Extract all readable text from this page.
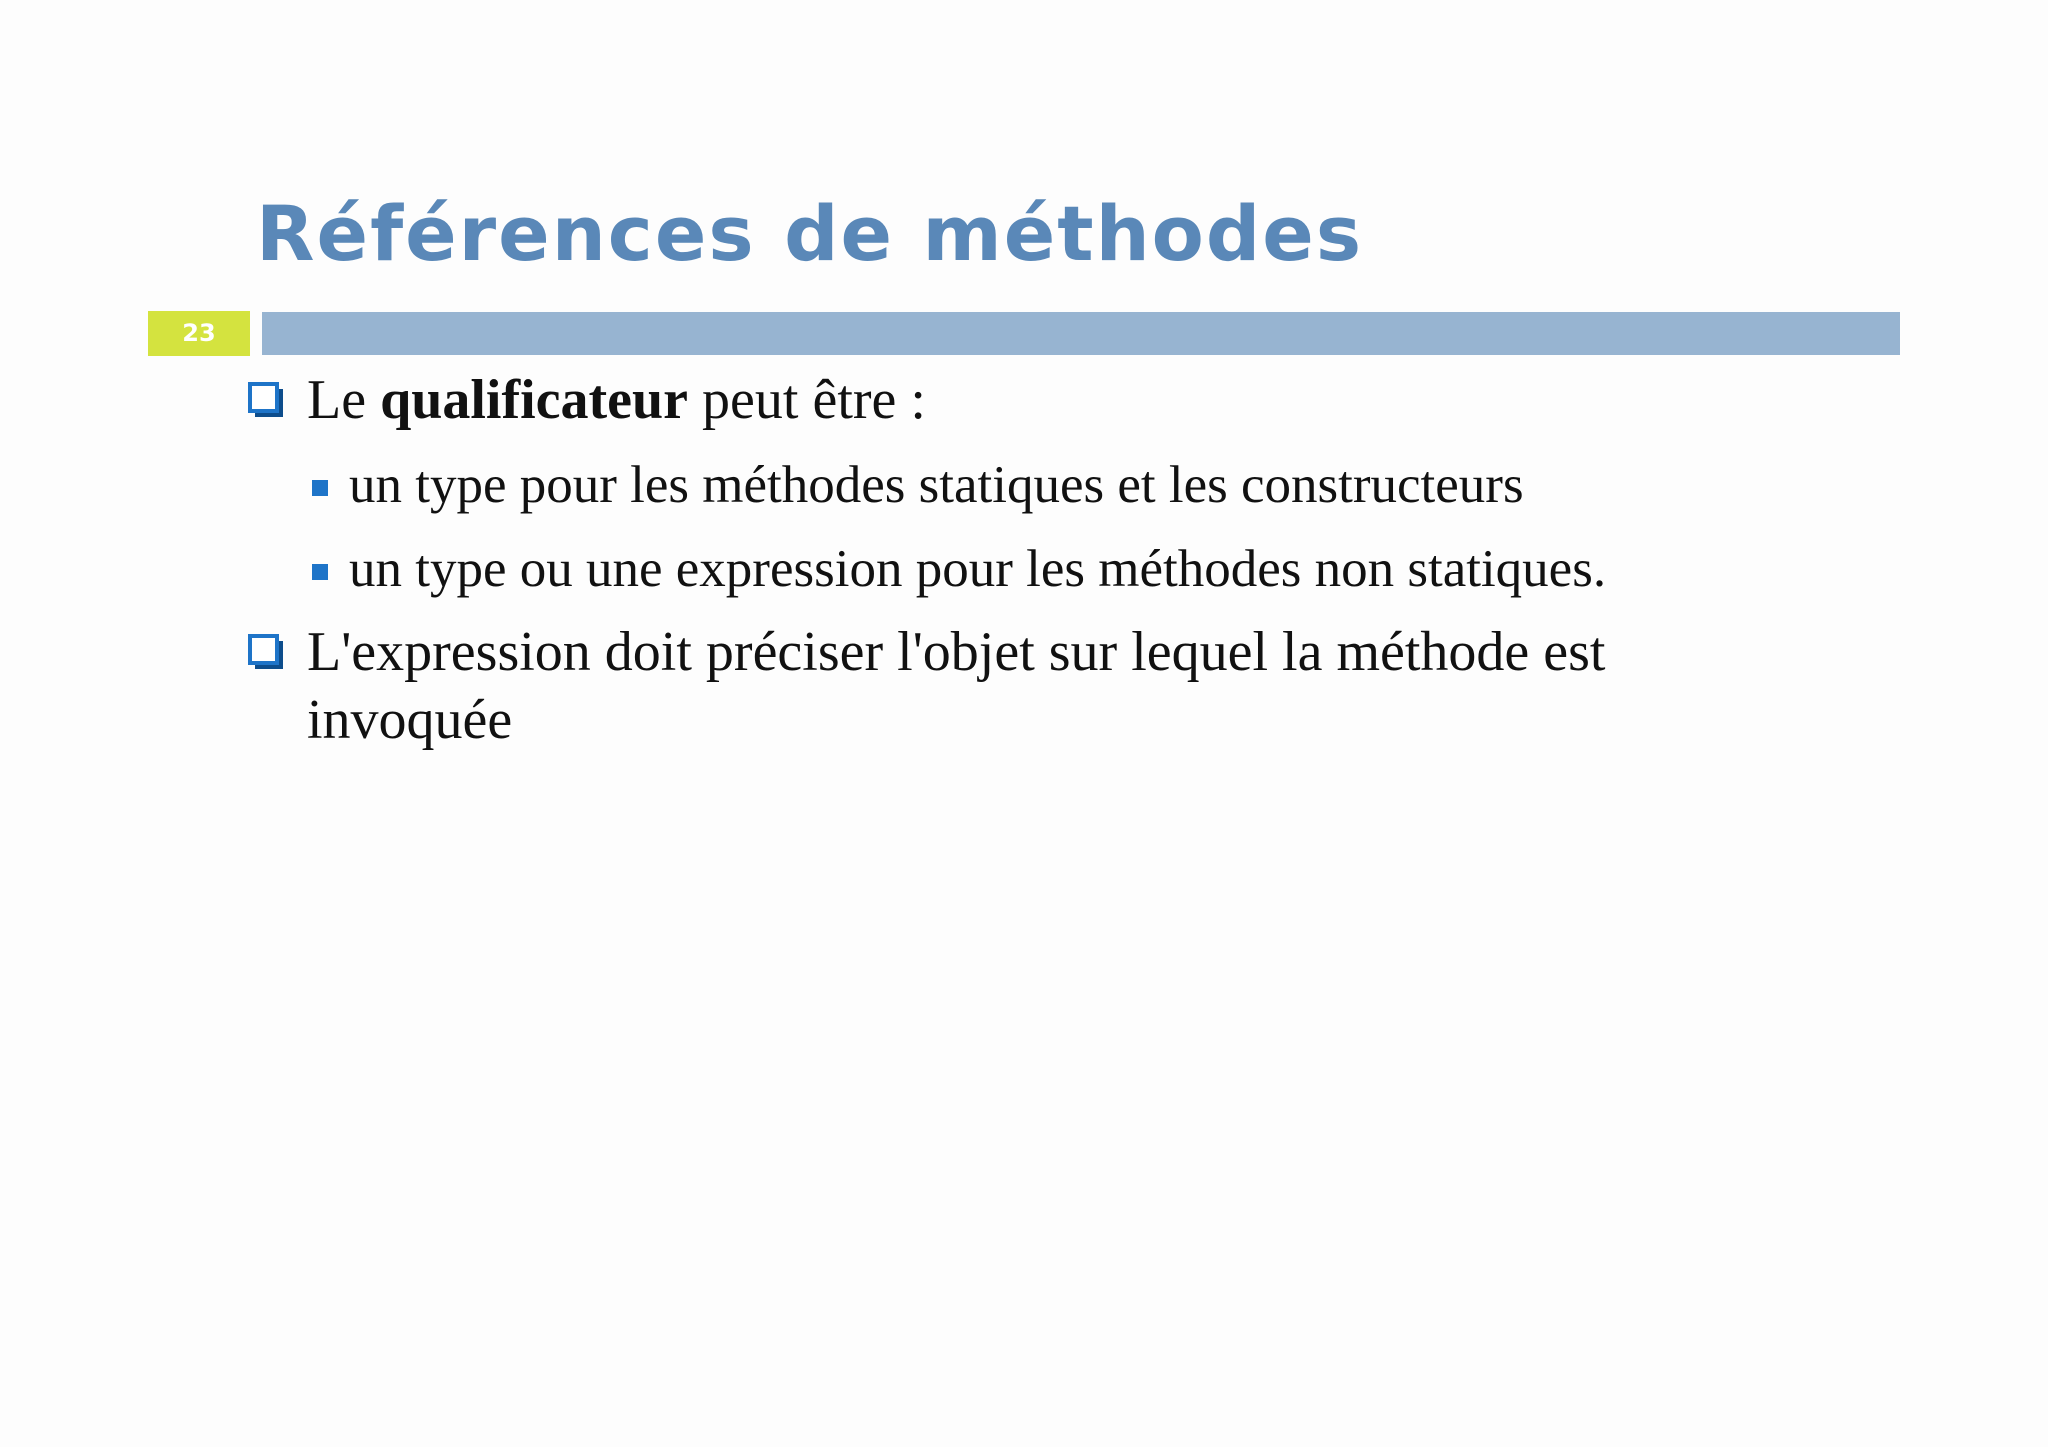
Références de méthodes
23
Le qualificateur peut être :
un type pour les méthodes statiques et les constructeurs
un type ou une expression pour les méthodes non statiques.
L'expression doit préciser l'objet sur lequel la méthode est invoquée
